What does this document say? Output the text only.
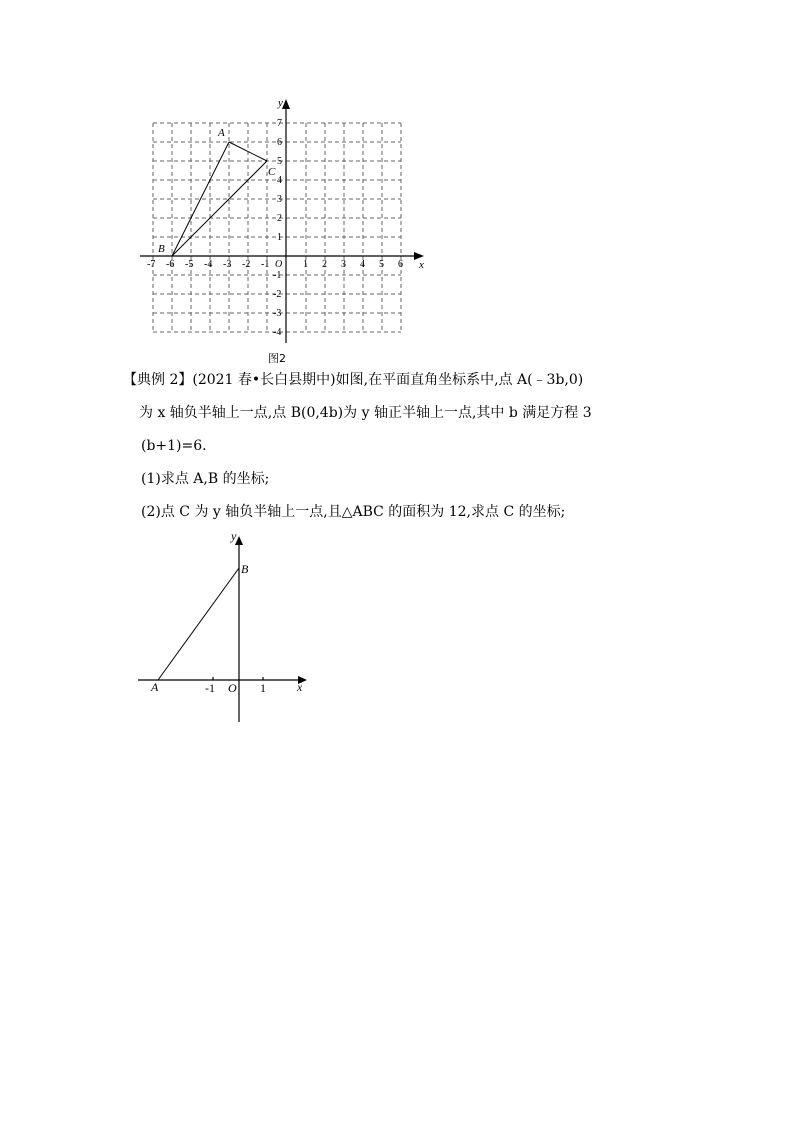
x
y
O
-7 -6 -5 -4 -3 -2 -1	1 2 3 4 5 6
7
6
5
4
3
2
1
-1
-2
-3
-4
A
B
C
图2
【典例 2】(2021 春•长白县期中)如图,在平面直角坐标系中,点 A(﹣3b,0)
为 x 轴负半轴上一点,点 B(0,4b)为 y 轴正半轴上一点,其中 b 满足方程 3
(b+1)=6.
(1)求点 A,B 的坐标;
(2)点 C 为 y 轴负半轴上一点,且△ABC 的面积为 12,求点 C 的坐标;
y
x
B
A	-1 O 1
